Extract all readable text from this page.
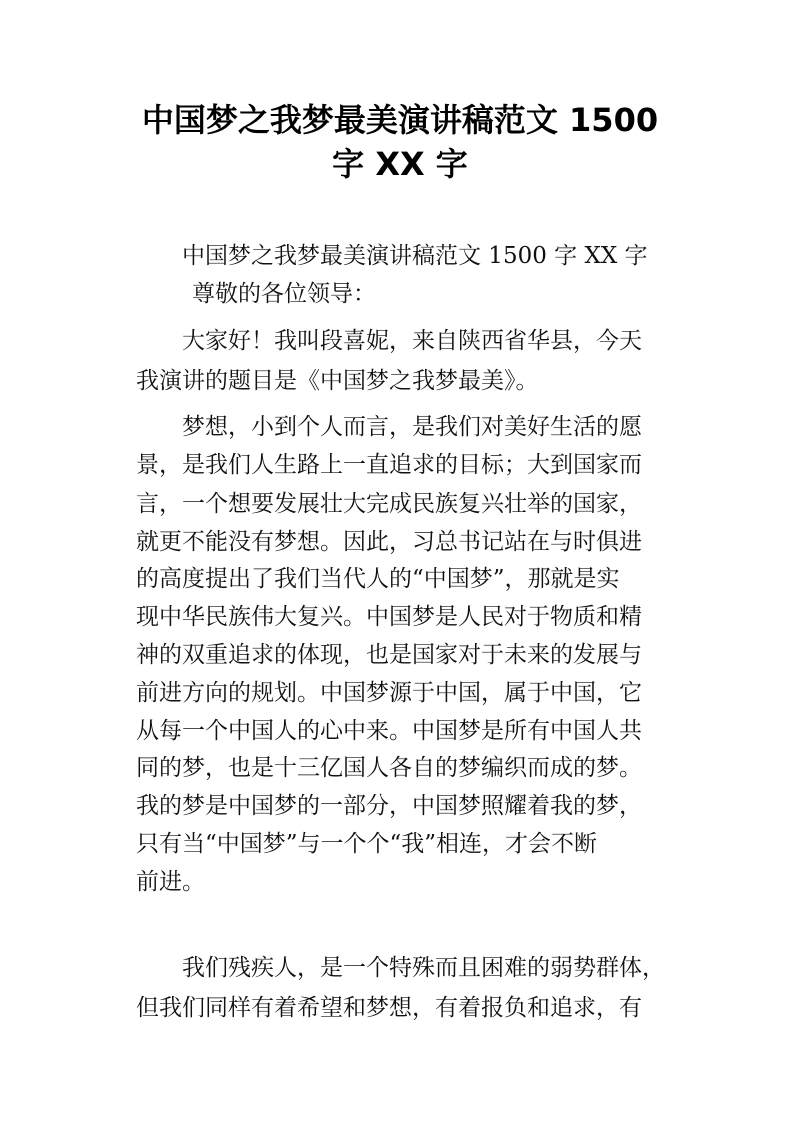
中国梦之我梦最美演讲稿范文 1500
字 XX 字
中国梦之我梦最美演讲稿范文 1500 字 XX 字
尊敬的各位领导：
大家好！我叫段喜妮，来自陕西省华县，今天
我演讲的题目是《中国梦之我梦最美》。
梦想，小到个人而言，是我们对美好生活的愿
景，是我们人生路上一直追求的目标；大到国家而
言，一个想要发展壮大完成民族复兴壮举的国家，
就更不能没有梦想。因此，习总书记站在与时俱进
的高度提出了我们当代人的“中国梦”，那就是实
现中华民族伟大复兴。中国梦是人民对于物质和精
神的双重追求的体现，也是国家对于未来的发展与
前进方向的规划。中国梦源于中国，属于中国，它
从每一个中国人的心中来。中国梦是所有中国人共
同的梦，也是十三亿国人各自的梦编织而成的梦。
我的梦是中国梦的一部分，中国梦照耀着我的梦，
只有当“中国梦”与一个个“我”相连，才会不断
前进。
我们残疾人，是一个特殊而且困难的弱势群体，
但我们同样有着希望和梦想，有着报负和追求，有
